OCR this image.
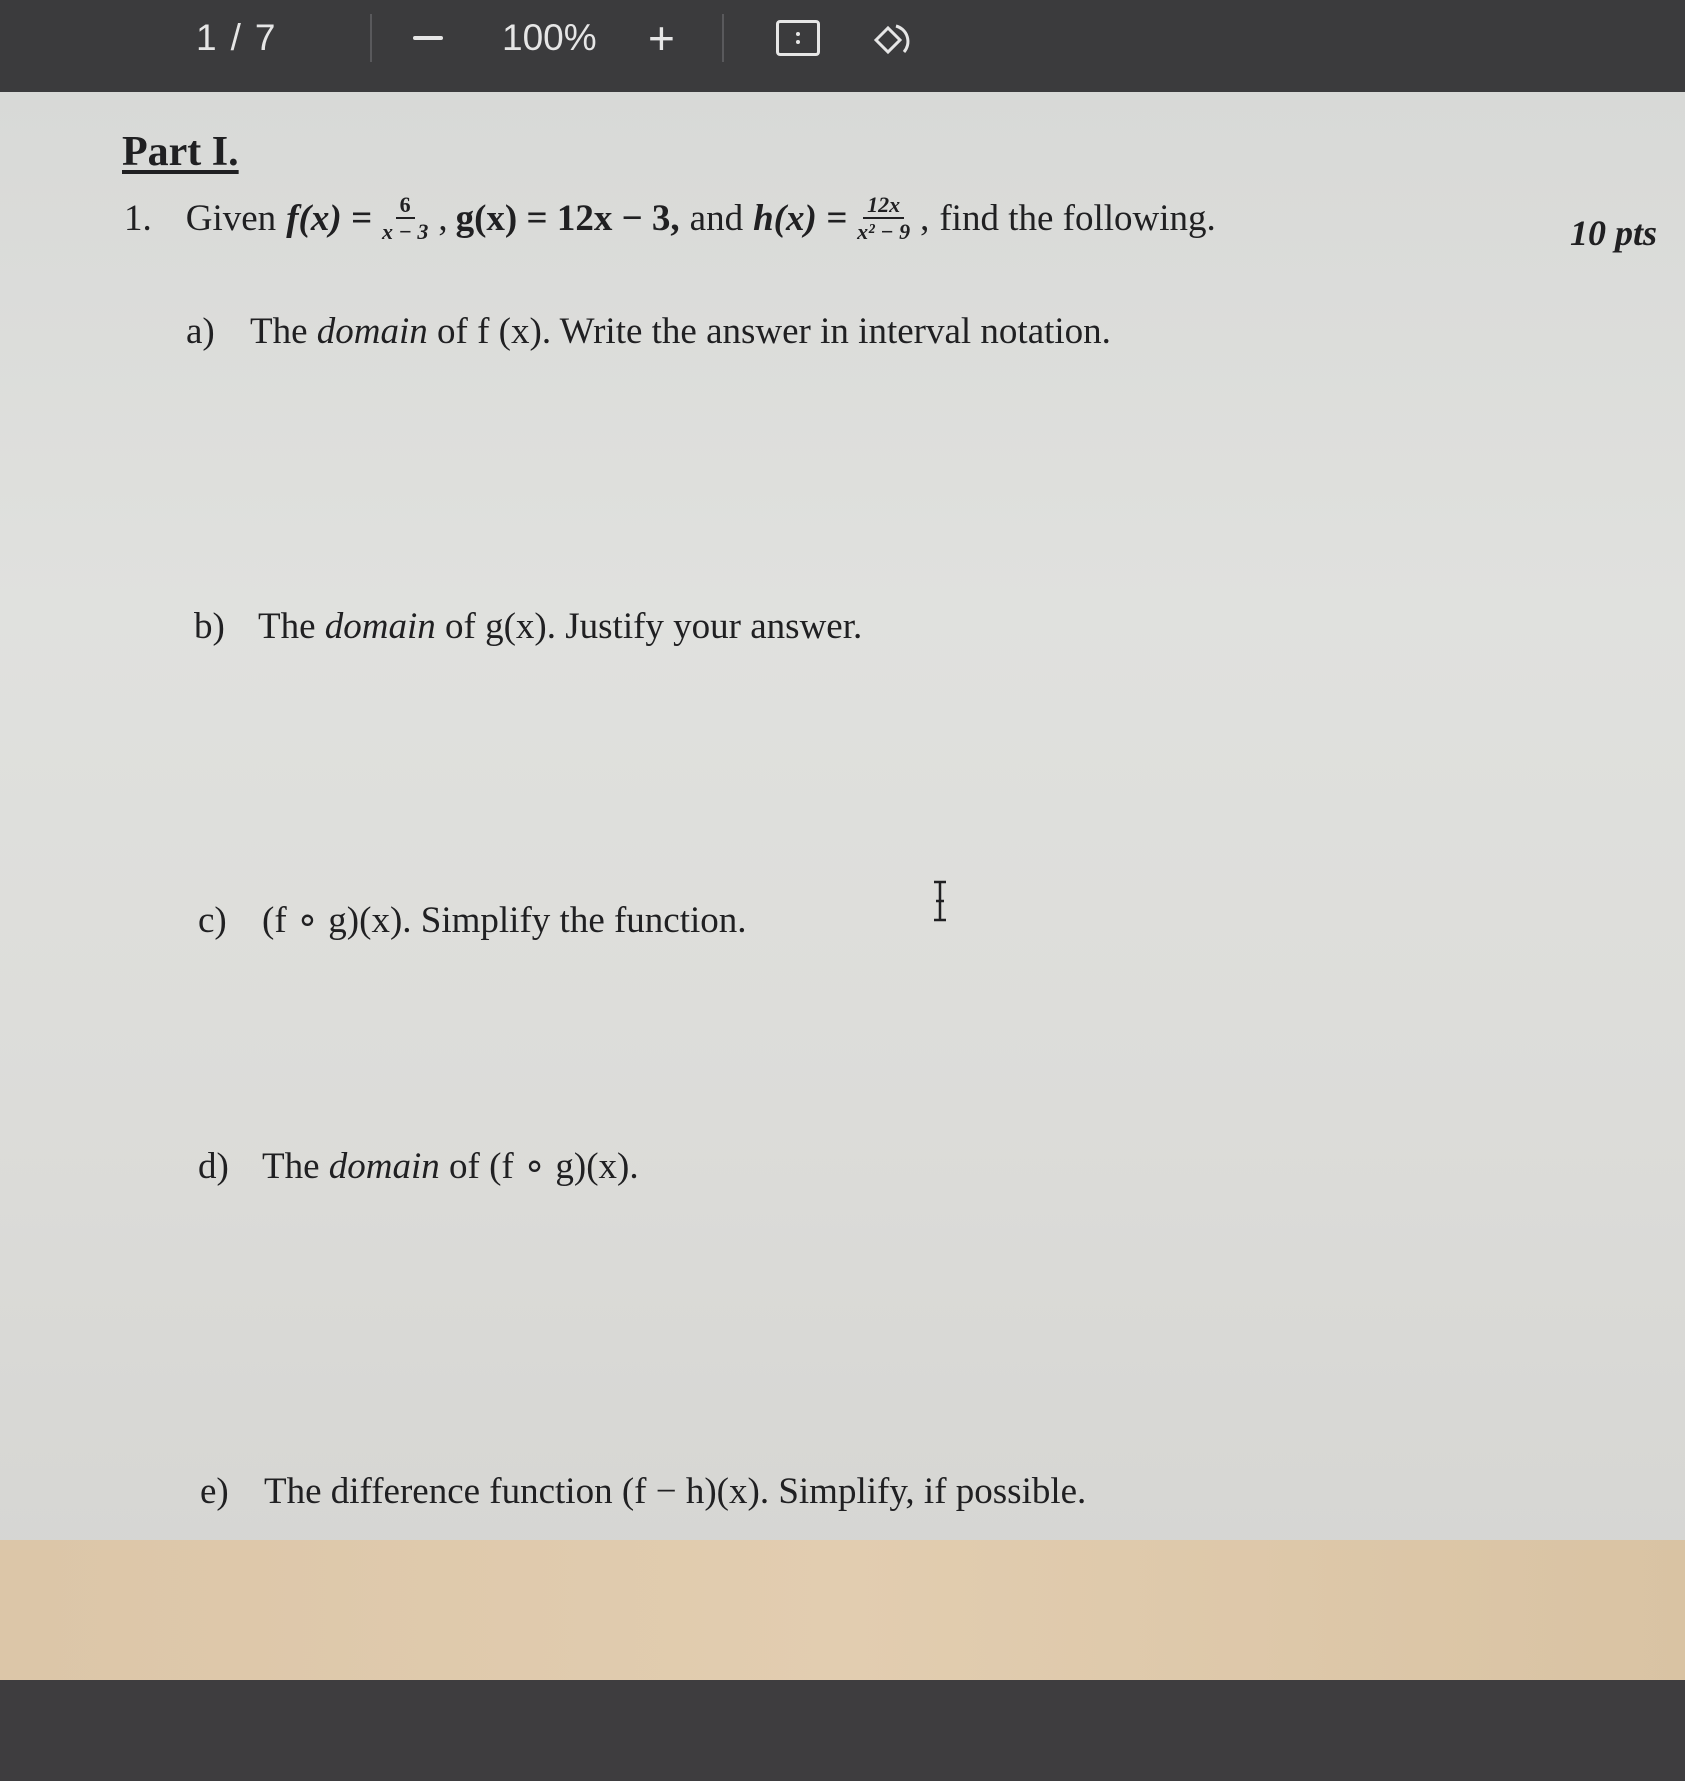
1 / 7	100% +
Part I.
1. Given $f(x) = \frac{6}{x - 3}$ , g(x) = 12x − 3, and $h(x) = \frac{12x}{\text{x² − 9}}$ , find the following.	10 pts
a) The
domain
of f (x). Write the answer in interval notation.
b) The
domain
of g(x). Justify your answer.
c) (f ∘ g)(x). Simplify the function.
d) The
domain
of (f ∘ g)(x).
e) The difference function (f − h)(x). Simplify, if possible.
